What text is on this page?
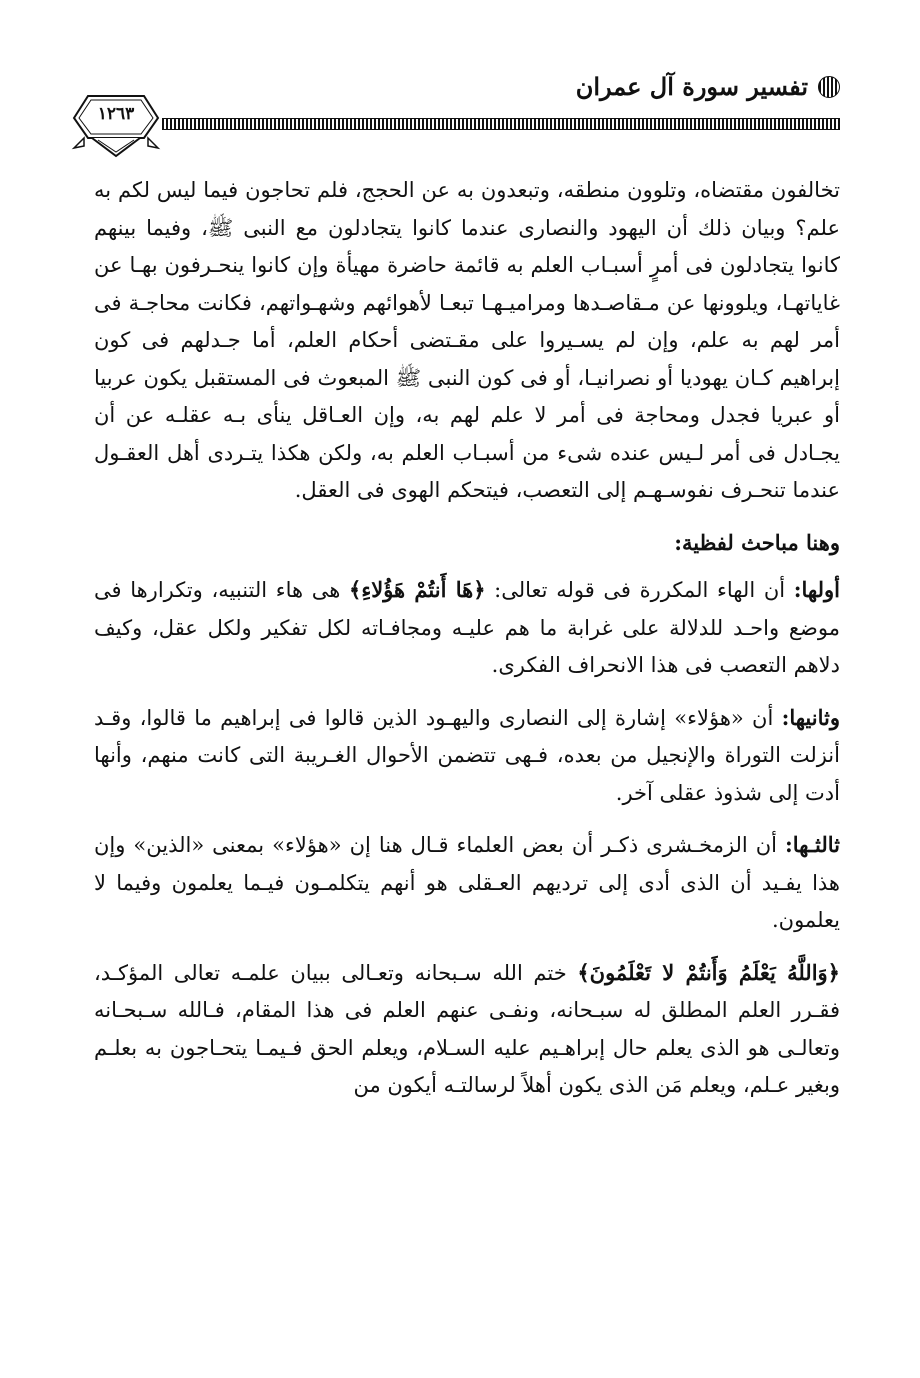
تفسير سورة آل عمران
١٢٦٣

تخالفون مقتضاه، وتلوون منطقه، وتبعدون به عن الحجج، فلم تحاجون فيما ليس لكم به علم؟ وبيان ذلك أن اليهود والنصارى عندما كانوا يتجادلون مع النبى ﷺ، وفيما بينهم كانوا يتجادلون فى أمرٍ أسبـاب العلم به قائمة حاضرة مهيأة وإن كانوا ينحـرفون بهـا عن غاياتهـا، ويلوونها عن مـقاصـدها ومراميـهـا تبعـا لأهوائهم وشهـواتهم، فكانت محاجـة فى أمر لهم به علم، وإن لم يسـيروا على مقـتضى أحكام العلم، أما جـدلهم فى كون إبراهيم كـان يهوديا أو نصرانيـا، أو فى كون النبى ﷺ المبعوث فى المستقبل يكون عربيا أو عبريا فجدل ومحاجة فى أمر لا علم لهم به، وإن العـاقل ينأى بـه عقلـه عن أن يجـادل فى أمر لـيس عنده شىء من أسبـاب العلم به، ولكن هكذا يتـردى أهل العقـول عندما تنحـرف نفوسـهـم إلى التعصب، فيتحكم الهوى فى العقل.

وهنا مباحث لفظية:

أولها: أن الهاء المكررة فى قوله تعالى: ﴿هَا أَنتُمْ هَؤُلاءِ﴾ هى هاء التنبيه، وتكرارها فى موضع واحـد للدلالة على غرابة ما هم عليـه ومجافـاته لكل تفكير ولكل عقل، وكيف دلاهم التعصب فى هذا الانحراف الفكرى.

وثانيها: أن «هؤلاء» إشارة إلى النصارى واليهـود الذين قالوا فى إبراهيم ما قالوا، وقـد أنزلت التوراة والإنجيل من بعده، فـهى تتضمن الأحوال الغـريبة التى كانت منهم، وأنها أدت إلى شذوذ عقلى آخر.

ثالثـها: أن الزمخـشرى ذكـر أن بعض العلماء قـال هنا إن «هؤلاء» بمعنى «الذين» وإن هذا يفـيد أن الذى أدى إلى ترديهم العـقلى هو أنهم يتكلمـون فيـما يعلمون وفيما لا يعلمون.

﴿وَاللَّهُ يَعْلَمُ وَأَنتُمْ لا تَعْلَمُونَ﴾ ختم الله سـبحانه وتعـالى ببيان علمـه تعالى المؤكـد، فقـرر العلم المطلق له سبـحانه، ونفـى عنهم العلم فى هذا المقام، فـالله سـبحـانه وتعالـى هو الذى يعلم حال إبراهـيم عليه السـلام، ويعلم الحق فـيمـا يتحـاجون به بعلـم وبغير عـلم، ويعلم مَن الذى يكون أهلاً لرسالتـه أيكون من
